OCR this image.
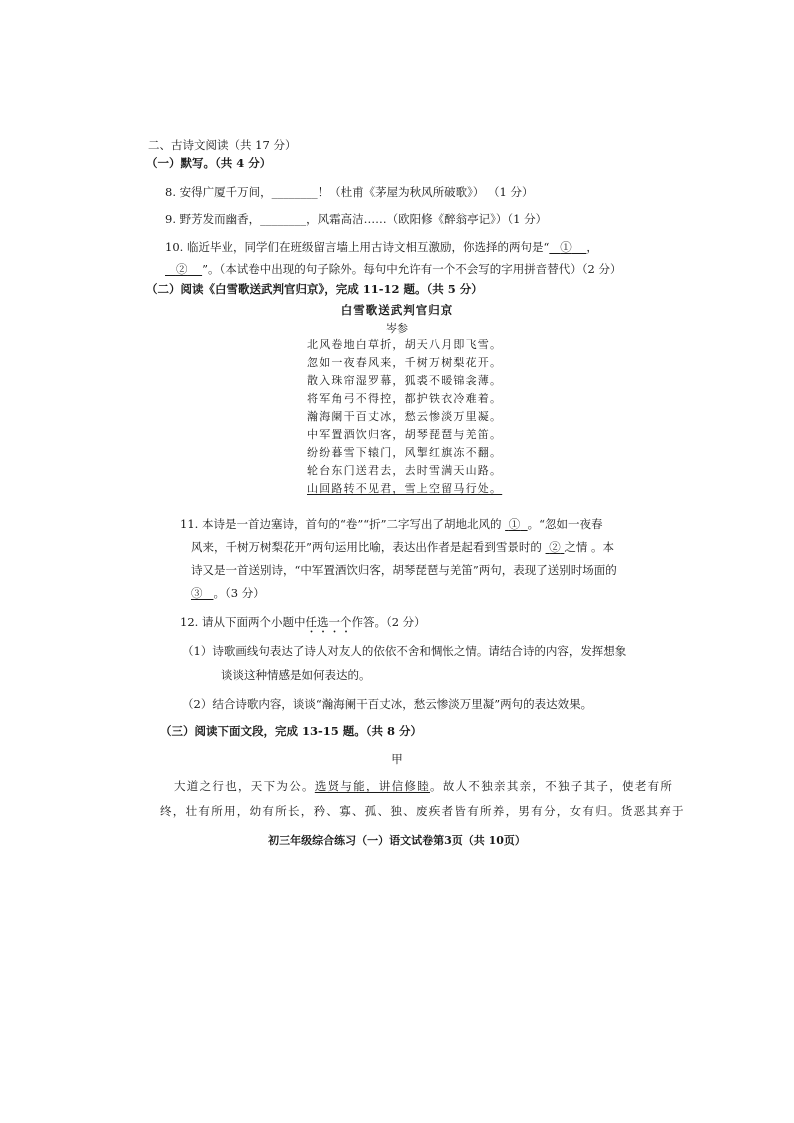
二、古诗文阅读（共 17 分）
（一）默写。（共 4 分）
8. 安得广厦千万间，________！（杜甫《茅屋为秋风所破歌》） （1 分）
9. 野芳发而幽香，________，风霜高洁……（欧阳修《醉翁亭记》）（1 分）
10. 临近毕业，同学们在班级留言墙上用古诗文相互激励，你选择的两句是“ ① ，
② ”。（本试卷中出现的句子除外。每句中允许有一个不会写的字用拼音替代）（2 分）
（二）阅读《白雪歌送武判官归京》，完成 11-12 题。（共 5 分）
白雪歌送武判官归京
岑参
北风卷地白草折，胡天八月即飞雪。
忽如一夜春风来，千树万树梨花开。
散入珠帘湿罗幕，狐裘不暖锦衾薄。
将军角弓不得控，都护铁衣冷难着。
瀚海阑干百丈冰，愁云惨淡万里凝。
中军置酒饮归客，胡琴琵琶与羌笛。
纷纷暮雪下辕门，风掣红旗冻不翻。
轮台东门送君去，去时雪满天山路。
山回路转不见君，雪上空留马行处。
11. 本诗是一首边塞诗，首句的“卷”“折”二字写出了胡地北风的 ① 。“忽如一夜春
风来，千树万树梨花开”两句运用比喻，表达出作者是起看到雪景时的 ② 之情 。本
诗又是一首送别诗，“中军置酒饮归客，胡琴琵琶与羌笛”两句，表现了送别时场面的
③ 。（3 分）
12. 请从下面两个小题中任选一个作答。（2 分）
（1）诗歌画线句表达了诗人对友人的依依不舍和惆怅之情。请结合诗的内容，发挥想象
谈谈这种情感是如何表达的。
（2）结合诗歌内容，谈谈“瀚海阑干百丈冰，愁云惨淡万里凝”两句的表达效果。
（三）阅读下面文段，完成 13-15 题。（共 8 分）
甲
大道之行也，天下为公。选贤与能，讲信修睦。故人不独亲其亲，不独子其子，使老有所
终，壮有所用，幼有所长，矜、寡、孤、独、废疾者皆有所养，男有分，女有归。货恶其弃于
初三年级综合练习（一）语文试卷第3页（共 10页）
